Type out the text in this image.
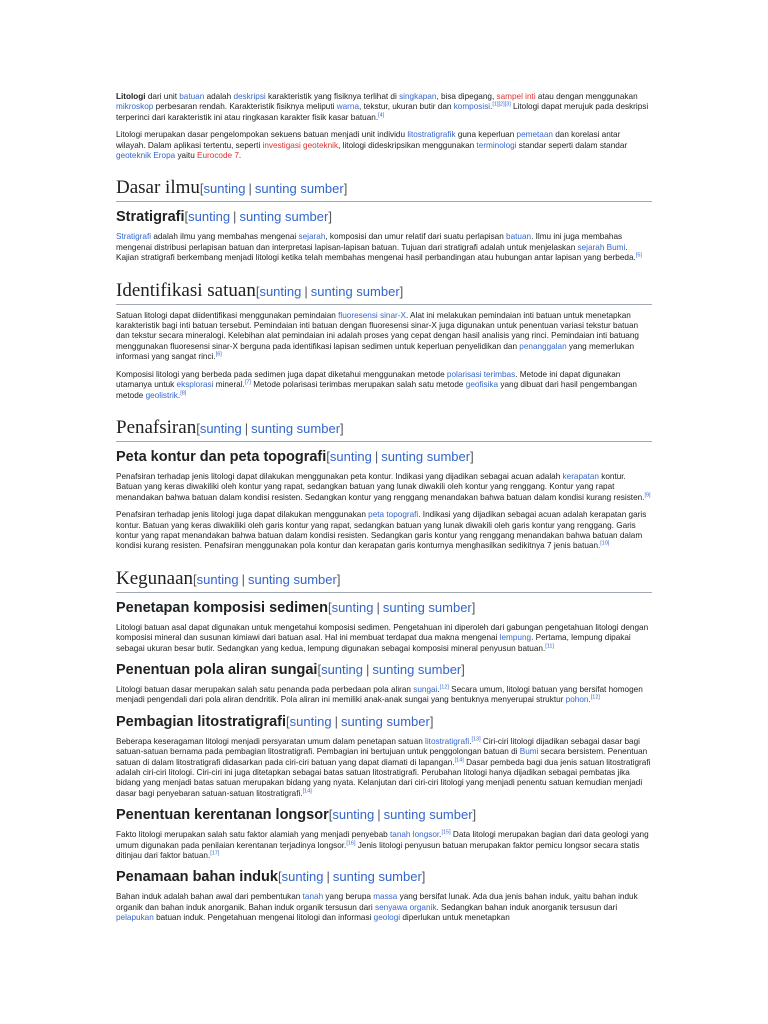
Litologi dari unit batuan adalah deskripsi karakteristik yang fisiknya terlihat di singkapan, bisa dipegang, sampel inti atau dengan menggunakan mikroskop perbesaran rendah. Karakteristik fisiknya meliputi warna, tekstur, ukuran butir dan komposisi.[1][2][3] Litologi dapat merujuk pada deskripsi terperinci dari karakteristik ini atau ringkasan karakter fisik kasar batuan.[4]

Litologi merupakan dasar pengelompokan sekuens batuan menjadi unit individu litostratigrafik guna keperluan pemetaan dan korelasi antar wilayah. Dalam aplikasi tertentu, seperti investigasi geoteknik, litologi dideskripsikan menggunakan terminologi standar seperti dalam standar geoteknik Eropa yaitu Eurocode 7.

Dasar ilmu[sunting | sunting sumber]
Stratigrafi[sunting | sunting sumber]

Stratigrafi adalah ilmu yang membahas mengenai sejarah, komposisi dan umur relatif dari suatu perlapisan batuan. Ilmu ini juga membahas mengenai distribusi perlapisan batuan dan interpretasi lapisan-lapisan batuan. Tujuan dari stratigrafi adalah untuk menjelaskan sejarah Bumi. Kajian stratigrafi berkembang menjadi litologi ketika telah membahas mengenai hasil perbandingan atau hubungan antar lapisan yang berbeda.[5]

Identifikasi satuan[sunting | sunting sumber]

Satuan litologi dapat diidentifikasi menggunakan pemindaian fluoresensi sinar-X. Alat ini melakukan pemindaian inti batuan untuk menetapkan karakteristik bagi inti batuan tersebut. Pemindaian inti batuan dengan fluoresensi sinar-X juga digunakan untuk penentuan variasi tekstur batuan dan tekstur secara mineralogi. Kelebihan alat pemindaian ini adalah proses yang cepat dengan hasil analisis yang rinci. Pemindaian inti batuang menggunakan fluoresensi sinar-X berguna pada identifikasi lapisan sedimen untuk keperluan penyelidikan dan penanggalan yang memerlukan informasi yang sangat rinci.[6]

Komposisi litologi yang berbeda pada sedimen juga dapat diketahui menggunakan metode polarisasi terimbas. Metode ini dapat digunakan utamanya untuk eksplorasi mineral.[7] Metode polarisasi terimbas merupakan salah satu metode geofisika yang dibuat dari hasil pengembangan metode geolistrik.[8]

Penafsiran[sunting | sunting sumber]
Peta kontur dan peta topografi[sunting | sunting sumber]

Penafsiran terhadap jenis litologi dapat dilakukan menggunakan peta kontur. Indikasi yang dijadikan sebagai acuan adalah kerapatan kontur. Batuan yang keras diwakiliki oleh kontur yang rapat, sedangkan batuan yang lunak diwakili oleh kontur yang renggang. Kontur yang rapat menandakan bahwa batuan dalam kondisi resisten. Sedangkan kontur yang renggang menandakan bahwa batuan dalam kondisi kurang resisten.[9]

Penafsiran terhadap jenis litologi juga dapat dilakukan menggunakan peta topografi. Indikasi yang dijadikan sebagai acuan adalah kerapatan garis kontur. Batuan yang keras diwakiliki oleh garis kontur yang rapat, sedangkan batuan yang lunak diwakili oleh garis kontur yang renggang. Garis kontur yang rapat menandakan bahwa batuan dalam kondisi resisten. Sedangkan garis kontur yang renggang menandakan bahwa batuan dalam kondisi kurang resisten. Penafsiran menggunakan pola kontur dan kerapatan garis konturnya menghasilkan sedikitnya 7 jenis batuan.[10]

Kegunaan[sunting | sunting sumber]
Penetapan komposisi sedimen[sunting | sunting sumber]

Litologi batuan asal dapat digunakan untuk mengetahui komposisi sedimen. Pengetahuan ini diperoleh dari gabungan pengetahuan litologi dengan komposisi mineral dan susunan kimiawi dari batuan asal. Hal ini membuat terdapat dua makna mengenai lempung. Pertama, lempung dipakai sebagai ukuran besar butir. Sedangkan yang kedua, lempung digunakan sebagai komposisi mineral penyusun batuan.[11]

Penentuan pola aliran sungai[sunting | sunting sumber]

Litologi batuan dasar merupakan salah satu penanda pada perbedaan pola aliran sungai.[12] Secara umum, litologi batuan yang bersifat homogen menjadi pengendali dari pola aliran dendritik. Pola aliran ini memiliki anak-anak sungai yang bentuknya menyerupai struktur pohon.[12]

Pembagian litostratigrafi[sunting | sunting sumber]

Beberapa keseragaman litologi menjadi persyaratan umum dalam penetapan satuan litostratigrafi.[13] Ciri-ciri litologi dijadikan sebagai dasar bagi satuan-satuan bernama pada pembagian litostratigrafi. Pembagian ini bertujuan untuk penggolongan batuan di Bumi secara bersistem. Penentuan satuan di dalam litostratigrafi didasarkan pada ciri-ciri batuan yang dapat diamati di lapangan.[14] Dasar pembeda bagi dua jenis satuan litostratigrafi adalah ciri-ciri litologi. Ciri-ciri ini juga ditetapkan sebagai batas satuan litostratigrafi. Perubahan litologi hanya dijadikan sebagai pembatas jika bidang yang menjadi batas satuan merupakan bidang yang nyata. Kelanjutan dari ciri-ciri litologi yang menjadi penentu satuan kemudian menjadi dasar bagi penyebaran satuan-satuan litostratigrafi.[14]

Penentuan kerentanan longsor[sunting | sunting sumber]

Fakto litologi merupakan salah satu faktor alamiah yang menjadi penyebab tanah longsor.[15] Data litologi merupakan bagian dari data geologi yang umum digunakan pada penilaian kerentanan terjadinya longsor.[16] Jenis litologi penyusun batuan merupakan faktor pemicu longsor secara statis ditinjau dari faktor batuan.[17]

Penamaan bahan induk[sunting | sunting sumber]

Bahan induk adalah bahan awal dari pembentukan tanah yang berupa massa yang bersifat lunak. Ada dua jenis bahan induk, yaitu bahan induk organik dan bahan induk anorganik. Bahan induk organik tersusun dari senyawa organik. Sedangkan bahan induk anorganik tersusun dari pelapukan batuan induk. Pengetahuan mengenai litologi dan informasi geologi diperlukan untuk menetapkan
